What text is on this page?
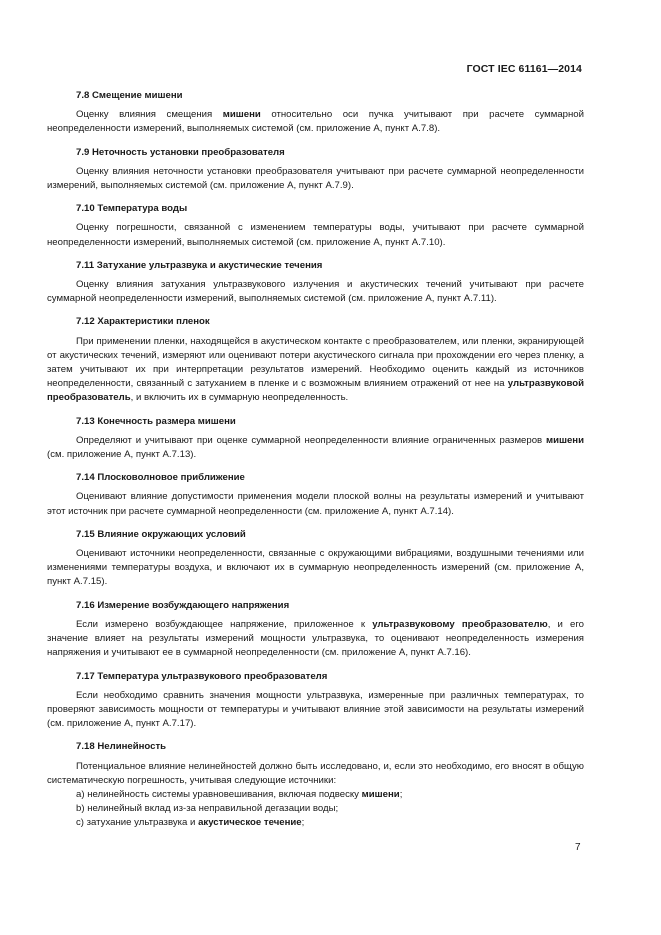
ГОСТ IEC 61161—2014
7.8 Смещение мишени

Оценку влияния смещения мишени относительно оси пучка учитывают при расчете суммарной неопределенности измерений, выполняемых системой (см. приложение А, пункт А.7.8).

7.9 Неточность установки преобразователя

Оценку влияния неточности установки преобразователя учитывают при расчете суммарной неопределенности измерений, выполняемых системой (см. приложение А, пункт А.7.9).

7.10 Температура воды

Оценку погрешности, связанной с изменением температуры воды, учитывают при расчете суммарной неопределенности измерений, выполняемых системой (см. приложение А, пункт А.7.10).

7.11 Затухание ультразвука и акустические течения

Оценку влияния затухания ультразвукового излучения и акустических течений учитывают при расчете суммарной неопределенности измерений, выполняемых системой (см. приложение А, пункт А.7.11).

7.12 Характеристики пленок

При применении пленки, находящейся в акустическом контакте с преобразователем, или пленки, экранирующей от акустических течений, измеряют или оценивают потери акустического сигнала при прохождении его через пленку, а затем учитывают их при интерпретации результатов измерений. Необходимо оценить каждый из источников неопределенности, связанный с затуханием в пленке и с возможным влиянием отражений от нее на ультразвуковой преобразователь, и включить их в суммарную неопределенность.

7.13 Конечность размера мишени

Определяют и учитывают при оценке суммарной неопределенности влияние ограниченных размеров мишени (см. приложение А, пункт А.7.13).

7.14 Плосковолновое приближение

Оценивают влияние допустимости применения модели плоской волны на результаты измерений и учитывают этот источник при расчете суммарной неопределенности (см. приложение А, пункт А.7.14).

7.15 Влияние окружающих условий

Оценивают источники неопределенности, связанные с окружающими вибрациями, воздушными течениями или изменениями температуры воздуха, и включают их в суммарную неопределенность измерений (см. приложение А, пункт А.7.15).

7.16 Измерение возбуждающего напряжения

Если измерено возбуждающее напряжение, приложенное к ультразвуковому преобразователю, и его значение влияет на результаты измерений мощности ультразвука, то оценивают неопределенность измерения напряжения и учитывают ее в суммарной неопределенности (см. приложение А, пункт А.7.16).

7.17 Температура ультразвукового преобразователя

Если необходимо сравнить значения мощности ультразвука, измеренные при различных температурах, то проверяют зависимость мощности от температуры и учитывают влияние этой зависимости на результаты измерений (см. приложение А, пункт А.7.17).

7.18 Нелинейность

Потенциальное влияние нелинейностей должно быть исследовано, и, если это необходимо, его вносят в общую систематическую погрешность, учитывая следующие источники:

a) нелинейность системы уравновешивания, включая подвеску мишени;

b) нелинейный вклад из-за неправильной дегазации воды;

c) затухание ультразвука и акустическое течение;

7
